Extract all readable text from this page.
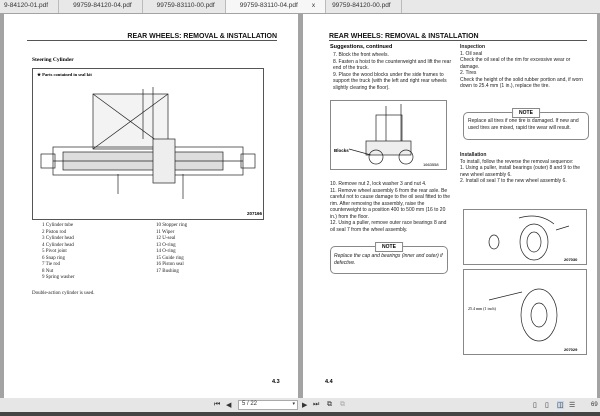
9-84120-01.pdf	99759-84120-04.pdf	99759-83110-00.pdf	99759-83110-04.pdf x	99759-84120-00.pdf
REAR WHEELS: REMOVAL & INSTALLATION
Steering Cylinder
★ Parts contained in seal kit
207166
1 Cylinder tube
2 Piston rod
3 Cylinder head
4 Cylinder head
5 Pivot joint
6 Snap ring
7 Tie rod
8 Nut
9 Spring washer
10 Stopper ring
11 Wiper
12 U-seal
13 O-ring
14 O-ring
15 Guide ring
16 Piston seal
17 Bushing
Double-action cylinder is used.
4.3
REAR WHEELS: REMOVAL & INSTALLATION
Suggestions, continued
7. Block the front wheels.
8. Fasten a hoist to the counterweight and lift the rear end of the truck.
9. Place the wood blocks under the side frames to support the truck (with the left and right rear wheels slightly clearing the floor).
Blocks
1663558
10. Remove nut 2, lock washer 3 and nut 4.
11. Remove wheel assembly 6 from the rear axle. Be careful not to cause damage to the oil seal fitted to the rim. After removing the assembly, raise the counterweight to a position 400 to 500 mm (16 to 20 in.) from the floor.
12. Using a puller, remove outer race bearings 8 and oil seal 7 from the wheel assembly.
NOTE
Replace the cap and bearings (inner and outer) if defective.
Inspection
1. Oil seal
Check the oil seal of the rim for excessive wear or damage.
2. Tires
Check the height of the solid rubber portion and, if worn down to 25.4 mm (1 in.), replace the tire.
NOTE
Replace all tires if one tire is damaged. If new and used tires are mixed, rapid tire wear will result.
Installation
To install, follow the reverse the removal sequence:
1. Using a puller, install bearings (outer) 8 and 9 to the new wheel assembly 6.
2. Install oil seal 7 to the new wheel assembly 6.
207030
25.4 mm (1 inch)
207029
4.4
⏮ ◀	5 / 22	▾ ▶ ⏭ ⧉ ⧉	▯ ▯ ◫ ☰	69
